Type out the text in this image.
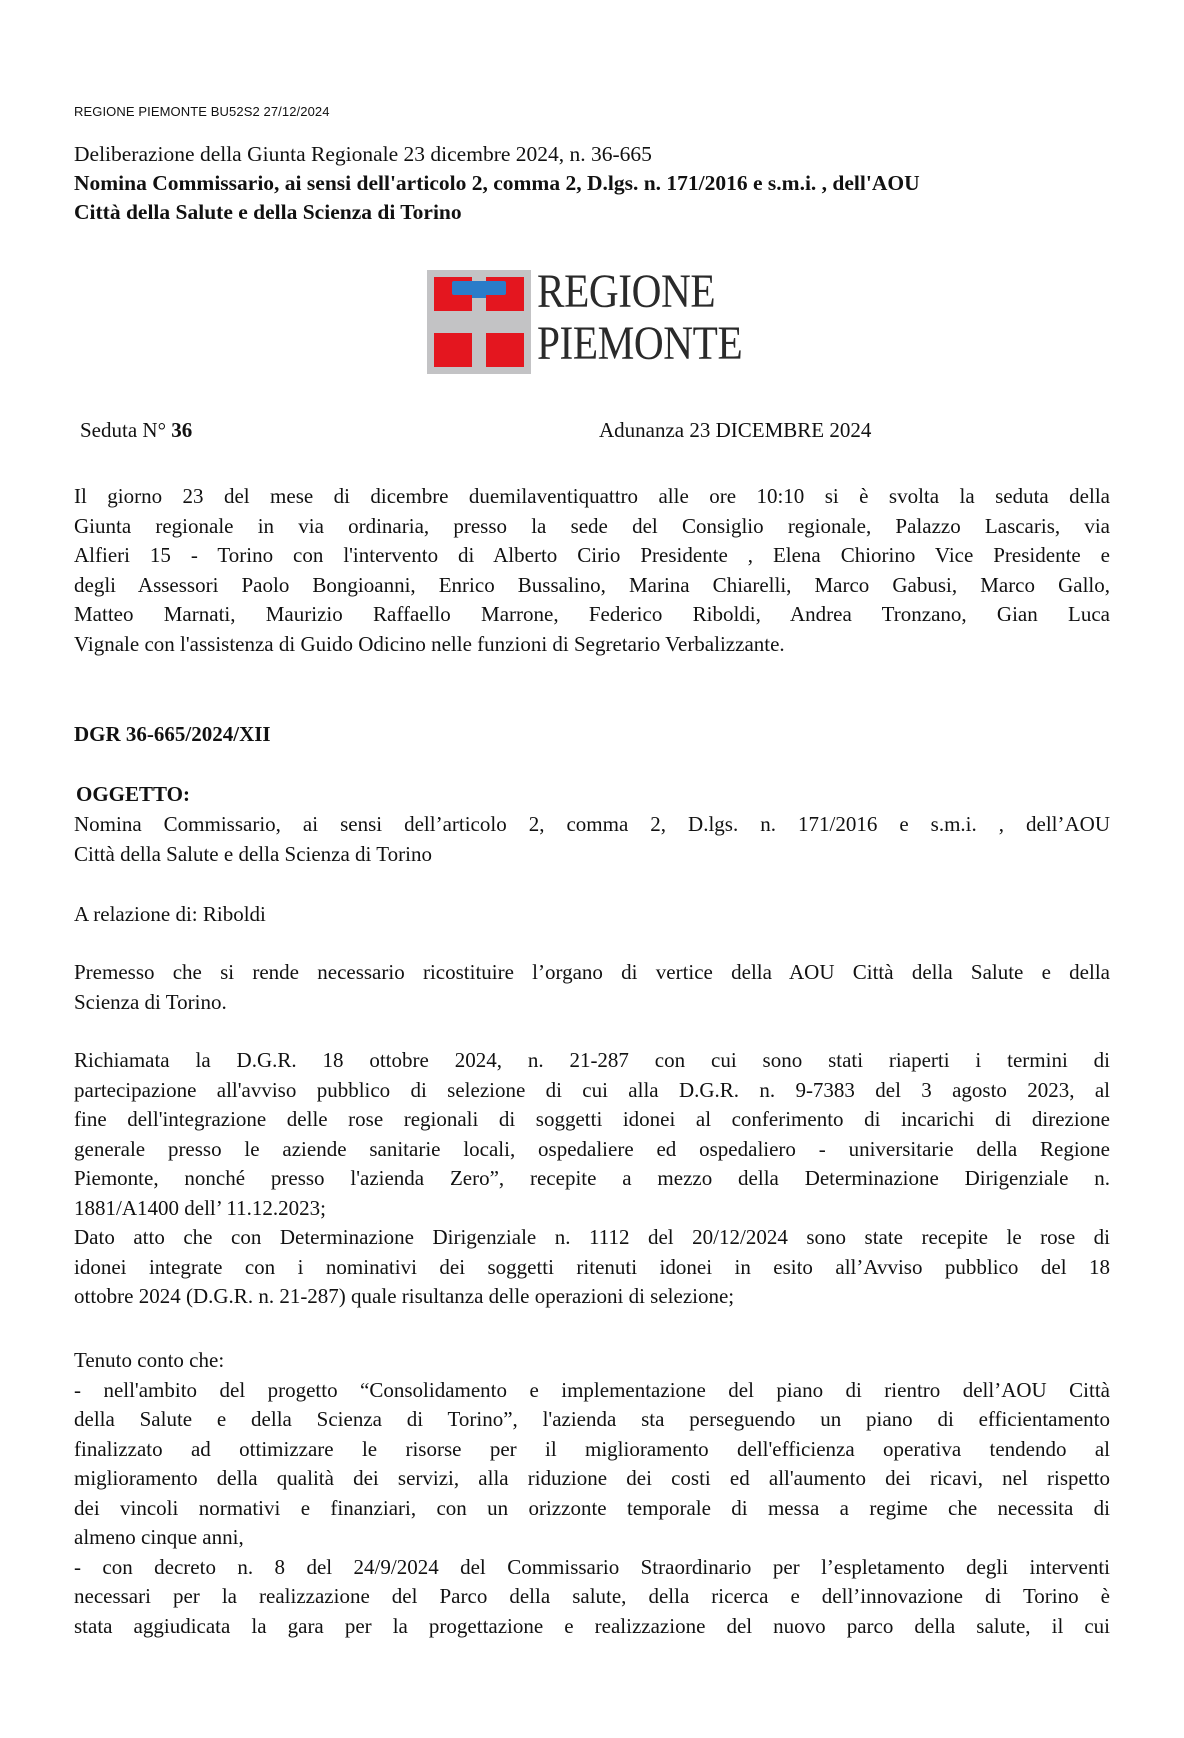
REGIONE PIEMONTE BU52S2 27/12/2024
Deliberazione della Giunta Regionale 23 dicembre 2024, n. 36-665
Nomina Commissario, ai sensi dell'articolo 2, comma 2, D.lgs. n. 171/2016 e s.m.i. , dell'AOU
Città della Salute e della Scienza di Torino
REGIONE
PIEMONTE
Seduta N° 36	Adunanza 23 DICEMBRE 2024
Il giorno 23 del mese di dicembre duemilaventiquattro alle ore 10:10 si è svolta la seduta della
Giunta regionale in via ordinaria, presso la sede del Consiglio regionale, Palazzo Lascaris, via
Alfieri 15 - Torino con l'intervento di Alberto Cirio Presidente , Elena Chiorino Vice Presidente e
degli Assessori Paolo Bongioanni, Enrico Bussalino, Marina Chiarelli, Marco Gabusi, Marco Gallo,
Matteo Marnati, Maurizio Raffaello Marrone, Federico Riboldi, Andrea Tronzano, Gian Luca
Vignale con l'assistenza di Guido Odicino nelle funzioni di Segretario Verbalizzante.
DGR 36-665/2024/XII
OGGETTO:
Nomina Commissario, ai sensi dell’articolo 2, comma 2, D.lgs. n. 171/2016 e s.m.i. , dell’AOU
Città della Salute e della Scienza di Torino
A relazione di: Riboldi
Premesso che si rende necessario ricostituire l’organo di vertice della AOU Città della Salute e della
Scienza di Torino.
Richiamata la D.G.R. 18 ottobre 2024, n. 21-287 con cui sono stati riaperti i termini di
partecipazione all'avviso pubblico di selezione di cui alla D.G.R. n. 9-7383 del 3 agosto 2023, al
fine dell'integrazione delle rose regionali di soggetti idonei al conferimento di incarichi di direzione
generale presso le aziende sanitarie locali, ospedaliere ed ospedaliero - universitarie della Regione
Piemonte, nonché presso l'azienda Zero”, recepite a mezzo della Determinazione Dirigenziale n.
1881/A1400 dell’ 11.12.2023;
Dato atto che con Determinazione Dirigenziale n. 1112 del 20/12/2024 sono state recepite le rose di
idonei integrate con i nominativi dei soggetti ritenuti idonei in esito all’Avviso pubblico del 18
ottobre 2024 (D.G.R. n. 21-287) quale risultanza delle operazioni di selezione;
Tenuto conto che:
- nell'ambito del progetto “Consolidamento e implementazione del piano di rientro dell’AOU Città
della Salute e della Scienza di Torino”, l'azienda sta perseguendo un piano di efficientamento
finalizzato ad ottimizzare le risorse per il miglioramento dell'efficienza operativa tendendo al
miglioramento della qualità dei servizi, alla riduzione dei costi ed all'aumento dei ricavi, nel rispetto
dei vincoli normativi e finanziari, con un orizzonte temporale di messa a regime che necessita di
almeno cinque anni,
- con decreto n. 8 del 24/9/2024 del Commissario Straordinario per l’espletamento degli interventi
necessari per la realizzazione del Parco della salute, della ricerca e dell’innovazione di Torino è
stata aggiudicata la gara per la progettazione e realizzazione del nuovo parco della salute, il cui
